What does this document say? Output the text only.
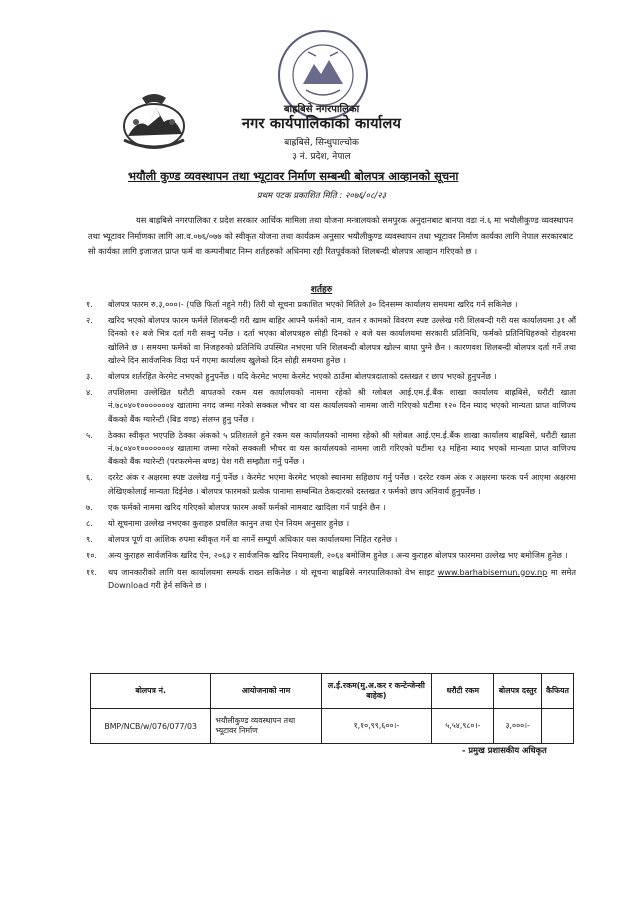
बाह्रबिसे नगरपालिका
नगर कार्यपालिकाको कार्यालय
बाह्रबिसे, सिन्धुपाल्चोक
३ नं. प्रदेश, नेपाल
भयौली कुण्ड व्यवस्थापन तथा भ्यूटावर निर्माण सम्बन्धी बोलपत्र आव्हानको सूचना
प्रथम पटक प्रकाशित मिति : २०७६/०८/२३
यस बाह्रबिसे नगरपालिका र प्रदेश सरकार आर्थिक मामिला तथा योजना मन्त्रालयको समपुरक अनुदानबाट बानपा वडा नं.६ मा भयौलीकुण्ड व्यवस्थापन तथा भ्यूटावर निर्माणका लागि आ.व.०७६/०७७ को स्वीकृत योजना तथा कार्यक्रम अनुसार भयौलीकुण्ड व्यवस्थापन तथा भ्यूटावर निर्माण कार्यका लागि नेपाल सरकारबाट सो कार्यका लागि इजाजत प्राप्त फर्म वा कम्पनीबाट निम्न शर्तहरुको अधिनमा रही रितपूर्वकको शिलबन्दी बोलपत्र आव्हान गरिएको छ ।
शर्तहरु
१.	बोलपत्र फारम रु.३,०००।- (पछि फिर्ता नहुने गरी) तिरी यो सूचना प्रकाशित भएको मितिले ३० दिनसम्म कार्यालय समयमा खरिद गर्न सकिनेछ ।
२.	खरिद भएको बोलपत्र फारम फर्मले शिलबन्दी गरी खाम बाहिर आफ्नै फर्मको नाम, वतन र कामको विवरण स्पष्ट उल्लेख गरी शिलबन्दी गरी यस कार्यालयमा ३१ औं दिनको १२ बजे भित्र दर्ता गरी सक्नु पर्नेछ । दर्ता भएका बोलपत्रहरु सोही दिनको २ बजे यस कार्यालयमा सरकारी प्रतिनिधि, फर्मको प्रतिनिधिहरुको रोहवरमा खोलिने छ । समयमा फर्मको वा निजहरुको प्रतिनिधि उपस्थित नभएमा पनि शिलबन्दी बोलपत्र खोल्न बाधा पुग्ने छैन । कारणवश शिलबन्दी बोलपत्र दर्ता गर्ने तथा खोल्ने दिन सार्वजनिक विदा पर्न गएमा कार्यालय खुलेको दिन सोही समयमा हुनेछ ।
३.	बोलपत्र शर्तरहित केरमेट नभएको हुनुपर्नेछ । यदि केरमेट भएमा केरमेट भएको ठाउँमा बोलपत्रदाताको दस्तखत र छाप भएको हुनुपर्नेछ ।
४.	तपशिलमा उल्लेखित धरौटी बापतको रकम यस कार्यालयको नाममा रहेको श्री ग्लोबल आई.एम.ई.बैंक शाखा कार्यालय बाह्रबिसे, धरौटी खाता नं.७८०४०१०००००००४ खातामा नगद जम्मा गरेको सक्कल भौचर वा यस कार्यालयको नाममा जारी गरिएको घटीमा १२० दिन म्याद भएको मान्यता प्राप्त वाणिज्य बैंकको बैंक ग्यारेन्टी (बिड वण्ड) संलग्न हुनु पर्नेछ ।
५.	ठेक्का स्वीकृत भएपछि ठेक्का अंकको ५ प्रतिशतले हुने रकम यस कार्यालयको नाममा रहेको श्री ग्लोबल आई.एम.ई.बैंक शाखा कार्यालय बाह्रबिसे, धरौटी खाता नं.७८०४०१०००००००४ खातामा जम्मा गरेको सक्कली भौचर वा यस कार्यालयको नाममा जारी गरिएको घटीमा १३ महिना म्याद भएको मान्यता प्राप्त वाणिज्य बैंकको बैंक ग्यारेन्टी (परफरमेन्स बण्ड) पेश गरी सम्झौता गर्नु पर्नेछ ।
६.	दररेट अंक र अक्षरमा स्पष्ट उल्लेख गर्नु पर्नेछ । केरमेट भएमा केरमेट भएको स्थानमा सहिछाप गर्नु पर्नेछ । दररेट रकम अंक र अक्षरमा फरक पर्न आएमा अक्षरमा लेखिएकोलाई मान्यता दिईनेछ । बोलपत्र फारमको प्रत्येक पानामा सम्बन्धित ठेकदारको दस्तखत र फर्मको छाप अनिवार्य हुनुपर्नेछ ।
७.	एक फर्मको नाममा खरिद गरिएको बोलपत्र फारम अर्को फर्मको नामबाट खादिला गर्न पाईने छैन ।
८.	यो सूचनामा उल्लेख नभएका कुराहरु प्रचलित कानुन तथा ऐन नियम अनुसार हुनेछ ।
९.	बोलपत्र पूर्ण वा आंशिक रुपमा स्वीकृत गर्ने वा नगर्ने सम्पूर्ण अधिकार यस कार्यालयमा निहित रहनेछ ।
१०.	अन्य कुराहरु सार्वजनिक खरिद ऐन, २०६३ र सार्वजनिक खरिद नियमावली, २०६४ बमोजिम हुनेछ । अन्य कुराहरु बोलपत्र फारममा उल्लेख भए बमोजिम हुनेछ ।
११.	थप जानकारीको लागि यस कार्यालयमा सम्पर्क राख्न सकिनेछ । यो सूचना बाह्रबिसे नगरपालिकाको वेभ साइट www.barhabisemun.gov.np मा समेत Download गरी हेर्न सकिने छ ।
बोलपत्र नं.	आयोजनाको नाम	ल.ई.रकम(मु.अ.कर र कन्टेन्जेन्सी बाहेक)	धरौटी रकम	बोलपत्र दस्तुर	कैफियत
BMP/NCB/w/076/077/03	भयौलीकुण्ड व्यवस्थापन तथा भ्यूटावर निर्माण	१,१०,९९,६००।-	५,५४,९८०।-	३,०००।-	
- प्रमुख प्रशासकीय अधिकृत
